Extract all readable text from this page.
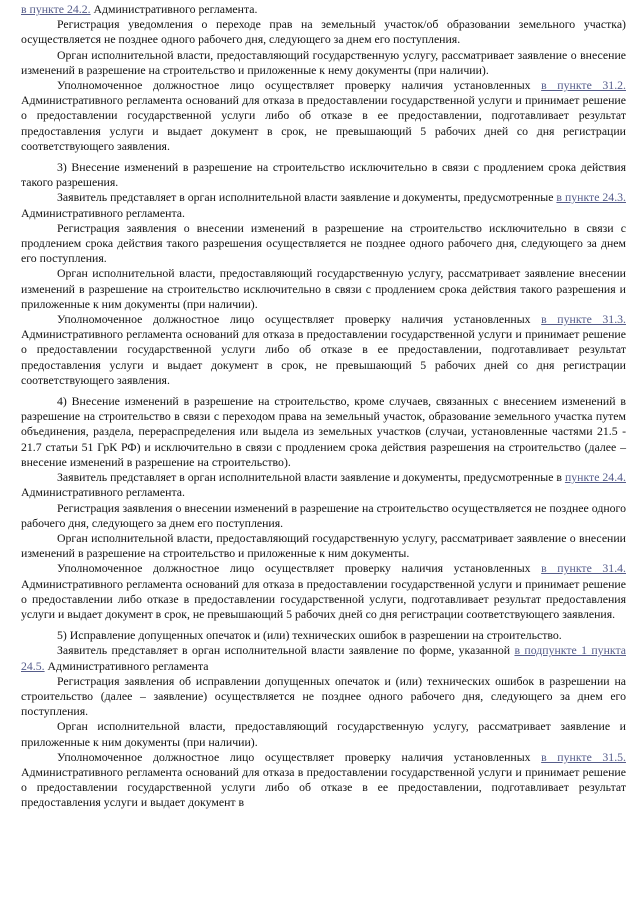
в пункте 24.2. Административного регламента.

Регистрация уведомления о переходе прав на земельный участок/об образовании земельного участка) осуществляется не позднее одного рабочего дня, следующего за днем его поступления.

Орган исполнительной власти, предоставляющий государственную услугу, рассматривает заявление о внесение изменений в разрешение на строительство и приложенные к нему документы (при наличии).

Уполномоченное должностное лицо осуществляет проверку наличия установленных в пункте 31.2. Административного регламента оснований для отказа в предоставлении государственной услуги и принимает решение о предоставлении государственной услуги либо об отказе в ее предоставлении, подготавливает результат предоставления услуги и выдает документ в срок, не превышающий 5 рабочих дней со дня регистрации соответствующего заявления.

3) Внесение изменений в разрешение на строительство исключительно в связи с продлением срока действия такого разрешения.

Заявитель представляет в орган исполнительной власти заявление и документы, предусмотренные в пункте 24.3. Административного регламента.

Регистрация заявления о внесении изменений в разрешение на строительство исключительно в связи с продлением срока действия такого разрешения осуществляется не позднее одного рабочего дня, следующего за днем его поступления.

Орган исполнительной власти, предоставляющий государственную услугу, рассматривает заявление внесении изменений в разрешение на строительство исключительно в связи с продлением срока действия такого разрешения и приложенные к ним документы (при наличии).

Уполномоченное должностное лицо осуществляет проверку наличия установленных в пункте 31.3. Административного регламента оснований для отказа в предоставлении государственной услуги и принимает решение о предоставлении государственной услуги либо об отказе в ее предоставлении, подготавливает результат предоставления услуги и выдает документ в срок, не превышающий 5 рабочих дней со дня регистрации соответствующего заявления.

4) Внесение изменений в разрешение на строительство, кроме случаев, связанных с внесением изменений в разрешение на строительство в связи с переходом права на земельный участок, образование земельного участка путем объединения, раздела, перераспределения или выдела из земельных участков (случаи, установленные частями 21.5 - 21.7 статьи 51 ГрК РФ) и исключительно в связи с продлением срока действия разрешения на строительство (далее – внесение изменений в разрешение на строительство).

Заявитель представляет в орган исполнительной власти заявление и документы, предусмотренные в пункте 24.4. Административного регламента.

Регистрация заявления о внесении изменений в разрешение на строительство осуществляется не позднее одного рабочего дня, следующего за днем его поступления.

Орган исполнительной власти, предоставляющий государственную услугу, рассматривает заявление о внесении изменений в разрешение на строительство и приложенные к ним документы.

Уполномоченное должностное лицо осуществляет проверку наличия установленных в пункте 31.4. Административного регламента оснований для отказа в предоставлении государственной услуги и принимает решение о предоставлении либо отказе в предоставлении государственной услуги, подготавливает результат предоставления услуги и выдает документ в срок, не превышающий 5 рабочих дней со дня регистрации соответствующего заявления.

5) Исправление допущенных опечаток и (или) технических ошибок в разрешении на строительство.

Заявитель представляет в орган исполнительной власти заявление по форме, указанной в подпункте 1 пункта 24.5. Административного регламента

Регистрация заявления об исправлении допущенных опечаток и (или) технических ошибок в разрешении на строительство (далее – заявление) осуществляется не позднее одного рабочего дня, следующего за днем его поступления.

Орган исполнительной власти, предоставляющий государственную услугу, рассматривает заявление и приложенные к ним документы (при наличии).

Уполномоченное должностное лицо осуществляет проверку наличия установленных в пункте 31.5. Административного регламента оснований для отказа в предоставлении государственной услуги и принимает решение о предоставлении государственной услуги либо об отказе в ее предоставлении, подготавливает результат предоставления услуги и выдает документ в
